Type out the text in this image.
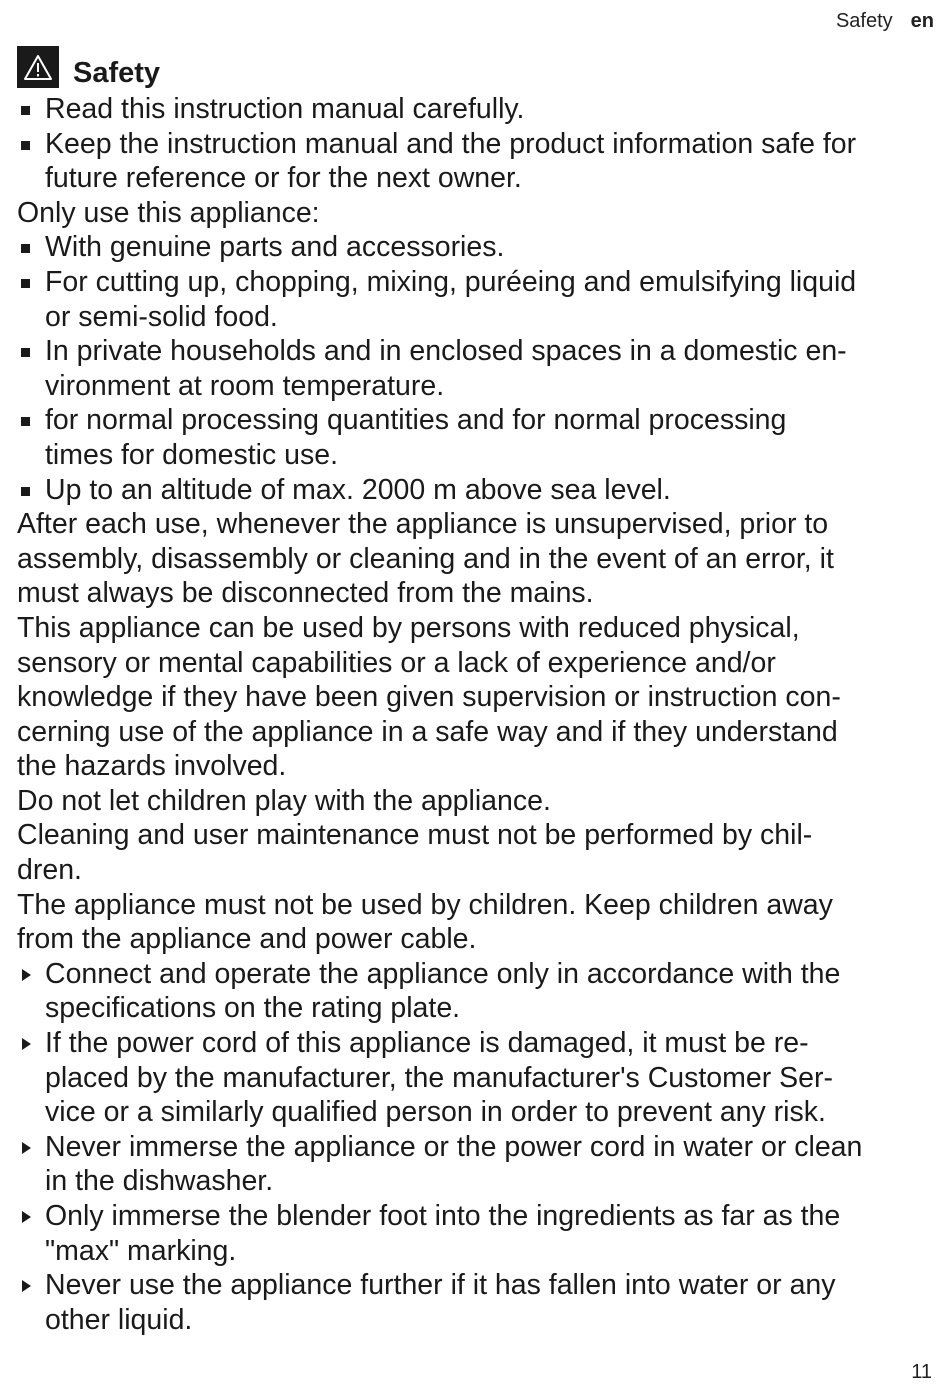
Safety en
Safety

Read this instruction manual carefully.

Keep the instruction manual and the product information safe for

future reference or for the next owner.

Only use this appliance:

With genuine parts and accessories.

For cutting up, chopping, mixing, puréeing and emulsifying liquid

or semi-solid food.

In private households and in enclosed spaces in a domestic en-

vironment at room temperature.

for normal processing quantities and for normal processing

times for domestic use.

Up to an altitude of max. 2000 m above sea level.

After each use, whenever the appliance is unsupervised, prior to

assembly, disassembly or cleaning and in the event of an error, it

must always be disconnected from the mains.

This appliance can be used by persons with reduced physical,

sensory or mental capabilities or a lack of experience and/or

knowledge if they have been given supervision or instruction con-

cerning use of the appliance in a safe way and if they understand

the hazards involved.

Do not let children play with the appliance.

Cleaning and user maintenance must not be performed by chil-

dren.

The appliance must not be used by children. Keep children away

from the appliance and power cable.

Connect and operate the appliance only in accordance with the

specifications on the rating plate.

If the power cord of this appliance is damaged, it must be re-

placed by the manufacturer, the manufacturer's Customer Ser-

vice or a similarly qualified person in order to prevent any risk.

Never immerse the appliance or the power cord in water or clean

in the dishwasher.

Only immerse the blender foot into the ingredients as far as the

"max" marking.

Never use the appliance further if it has fallen into water or any

other liquid.

11
